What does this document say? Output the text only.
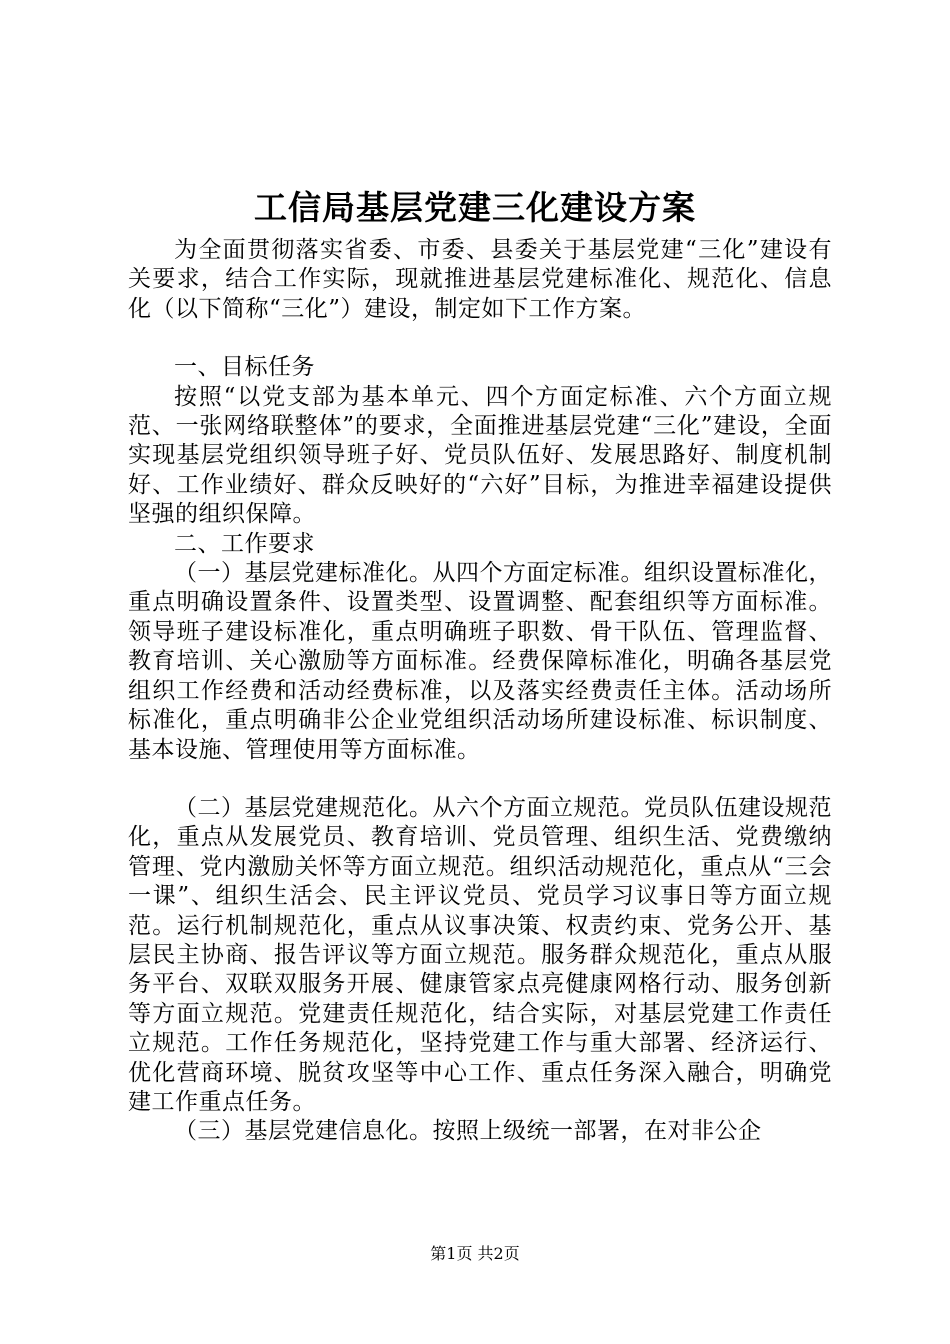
工信局基层党建三化建设方案

为全面贯彻落实省委、市委、县委关于基层党建“三化”建设有关要求，结合工作实际，现就推进基层党建标准化、规范化、信息化（以下简称“三化”）建设，制定如下工作方案。

一、目标任务

按照“以党支部为基本单元、四个方面定标准、六个方面立规范、一张网络联整体”的要求，全面推进基层党建“三化”建设，全面实现基层党组织领导班子好、党员队伍好、发展思路好、制度机制好、工作业绩好、群众反映好的“六好”目标，为推进幸福建设提供坚强的组织保障。

二、工作要求

（一）基层党建标准化。从四个方面定标准。组织设置标准化，重点明确设置条件、设置类型、设置调整、配套组织等方面标准。领导班子建设标准化，重点明确班子职数、骨干队伍、管理监督、教育培训、关心激励等方面标准。经费保障标准化，明确各基层党组织工作经费和活动经费标准，以及落实经费责任主体。活动场所标准化，重点明确非公企业党组织活动场所建设标准、标识制度、基本设施、管理使用等方面标准。

（二）基层党建规范化。从六个方面立规范。党员队伍建设规范化，重点从发展党员、教育培训、党员管理、组织生活、党费缴纳管理、党内激励关怀等方面立规范。组织活动规范化，重点从“三会一课”、组织生活会、民主评议党员、党员学习议事日等方面立规范。运行机制规范化，重点从议事决策、权责约束、党务公开、基层民主协商、报告评议等方面立规范。服务群众规范化，重点从服务平台、双联双服务开展、健康管家点亮健康网格行动、服务创新等方面立规范。党建责任规范化，结合实际，对基层党建工作责任立规范。工作任务规范化，坚持党建工作与重大部署、经济运行、优化营商环境、脱贫攻坚等中心工作、重点任务深入融合，明确党建工作重点任务。

（三）基层党建信息化。按照上级统一部署，在对非公企

第1页 共2页
